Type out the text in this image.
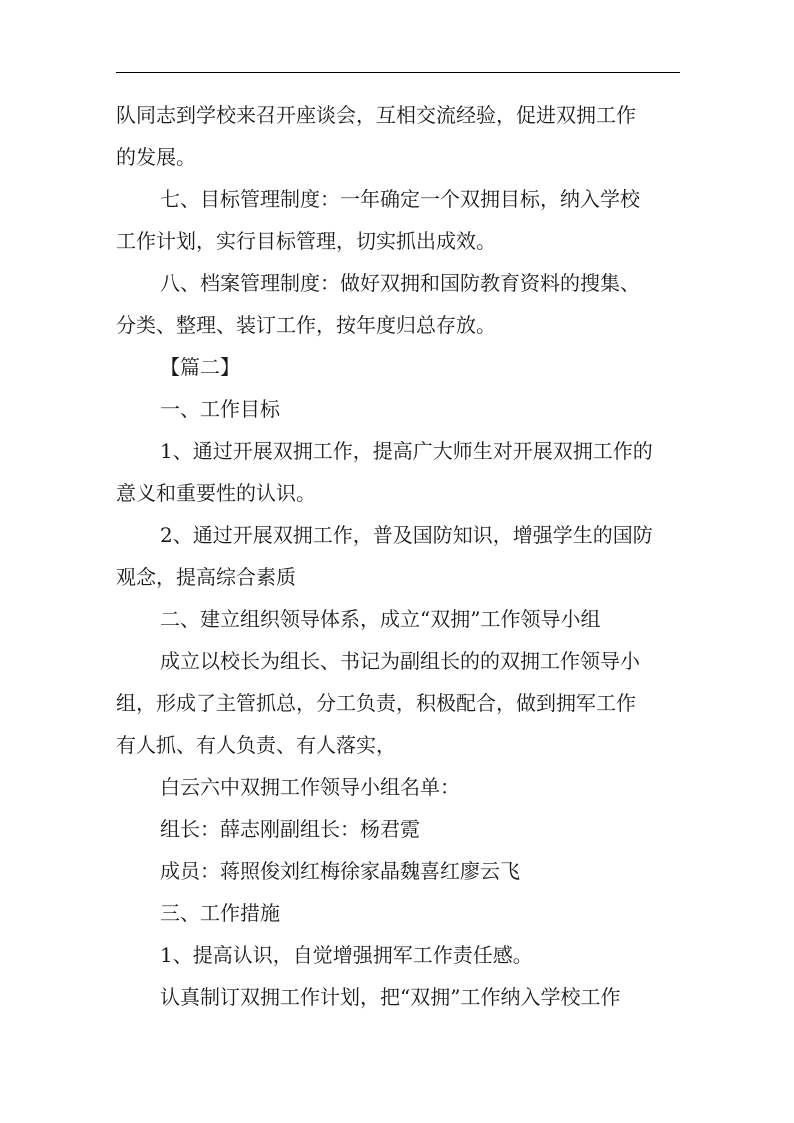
队同志到学校来召开座谈会，互相交流经验，促进双拥工作
的发展。
七、目标管理制度：一年确定一个双拥目标，纳入学校
工作计划，实行目标管理，切实抓出成效。
八、档案管理制度：做好双拥和国防教育资料的搜集、
分类、整理、装订工作，按年度归总存放。
【篇二】
一、工作目标
1、通过开展双拥工作，提高广大师生对开展双拥工作的
意义和重要性的认识。
2、通过开展双拥工作，普及国防知识，增强学生的国防
观念，提高综合素质
二、建立组织领导体系，成立“双拥”工作领导小组
成立以校长为组长、书记为副组长的的双拥工作领导小
组，形成了主管抓总，分工负责，积极配合，做到拥军工作
有人抓、有人负责、有人落实，
白云六中双拥工作领导小组名单：
组长：薛志刚副组长：杨君霓
成员：蒋照俊刘红梅徐家晶魏喜红廖云飞
三、工作措施
1、提高认识，自觉增强拥军工作责任感。
认真制订双拥工作计划，把“双拥”工作纳入学校工作
